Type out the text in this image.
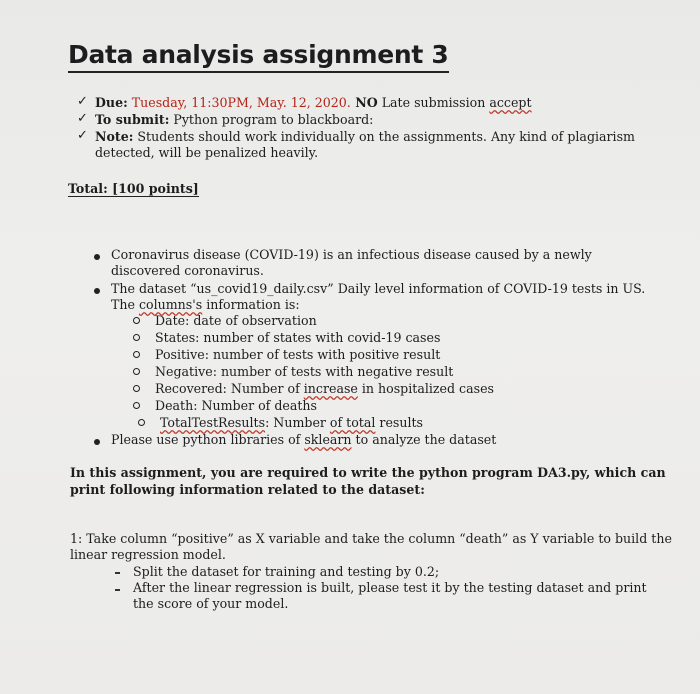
Data analysis assignment 3
✓ Due: Tuesday, 11:30PM, May. 12, 2020. NO Late submission accept
✓ To submit: Python program to blackboard:
✓ Note: Students should work individually on the assignments. Any kind of plagiarism
detected, will be penalized heavily.
Total: [100 points]
Coronavirus disease (COVID-19) is an infectious disease caused by a newly
discovered coronavirus.
The dataset “us_covid19_daily.csv” Daily level information of COVID-19 tests in US.
The columns's information is:
Date: date of observation
States: number of states with covid-19 cases
Positive: number of tests with positive result
Negative: number of tests with negative result
Recovered: Number of increase in hospitalized cases
Death: Number of deaths
TotalTestResults: Number of total results
Please use python libraries of sklearn to analyze the dataset
In this assignment, you are required to write the python program DA3.py, which can
print following information related to the dataset:
1: Take column “positive” as X variable and take the column “death” as Y variable to build the
linear regression model.
Split the dataset for training and testing by 0.2;
After the linear regression is built, please test it by the testing dataset and print
the score of your model.
